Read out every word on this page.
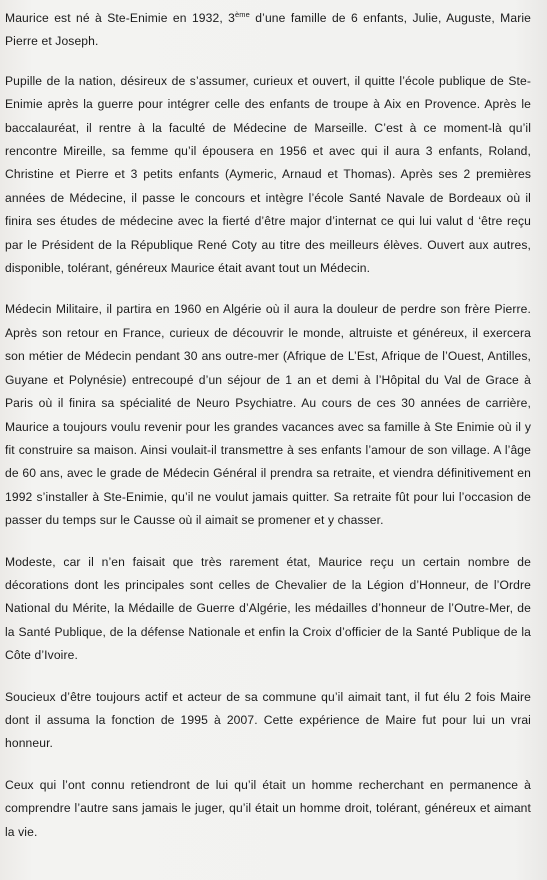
Maurice est né à Ste-Enimie en 1932, 3ème d’une famille de 6 enfants, Julie, Auguste, Marie Pierre et Joseph.

Pupille de la nation, désireux de s’assumer, curieux et ouvert, il quitte l’école publique de Ste-Enimie après la guerre pour intégrer celle des enfants de troupe à Aix en Provence. Après le baccalauréat, il rentre à la faculté de Médecine de Marseille. C’est à ce moment-là qu’il rencontre Mireille, sa femme qu’il épousera en 1956 et avec qui il aura 3 enfants, Roland, Christine et Pierre et 3 petits enfants (Aymeric, Arnaud et Thomas). Après ses 2 premières années de Médecine, il passe le concours et intègre l’école Santé Navale de Bordeaux où il finira ses études de médecine avec la fierté d’être major d’internat ce qui lui valut d ‘être reçu par le Président de la République René Coty au titre des meilleurs élèves. Ouvert aux autres, disponible, tolérant, généreux Maurice était avant tout un Médecin.

Médecin Militaire, il partira en 1960 en Algérie où il aura la douleur de perdre son frère Pierre. Après son retour en France, curieux de découvrir le monde, altruiste et généreux, il exercera son métier de Médecin pendant 30 ans outre-mer (Afrique de L’Est, Afrique de l’Ouest, Antilles, Guyane et Polynésie) entrecoupé d’un séjour de 1 an et demi à l’Hôpital du Val de Grace à Paris où il finira sa spécialité de Neuro Psychiatre. Au cours de ces 30 années de carrière, Maurice a toujours voulu revenir pour les grandes vacances avec sa famille à Ste Enimie où il y fit construire sa maison. Ainsi voulait-il transmettre à ses enfants l’amour de son village. A l’âge de 60 ans, avec le grade de Médecin Général il prendra sa retraite, et viendra définitivement en 1992 s’installer à Ste-Enimie, qu’il ne voulut jamais quitter. Sa retraite fût pour lui l’occasion de passer du temps sur le Causse où il aimait se promener et y chasser.

Modeste, car il n’en faisait que très rarement état, Maurice reçu un certain nombre de décorations dont les principales sont celles de Chevalier de la Légion d’Honneur, de l’Ordre National du Mérite, la Médaille de Guerre d’Algérie, les médailles d’honneur de l’Outre-Mer, de la Santé Publique, de la défense Nationale et enfin la Croix d’officier de la Santé Publique de la Côte d’Ivoire.

Soucieux d’être toujours actif et acteur de sa commune qu’il aimait tant, il fut élu 2 fois Maire dont il assuma la fonction de 1995 à 2007. Cette expérience de Maire fut pour lui un vrai honneur.

Ceux qui l’ont connu retiendront de lui qu’il était un homme recherchant en permanence à comprendre l’autre sans jamais le juger, qu’il était un homme droit, tolérant, généreux et aimant la vie.
